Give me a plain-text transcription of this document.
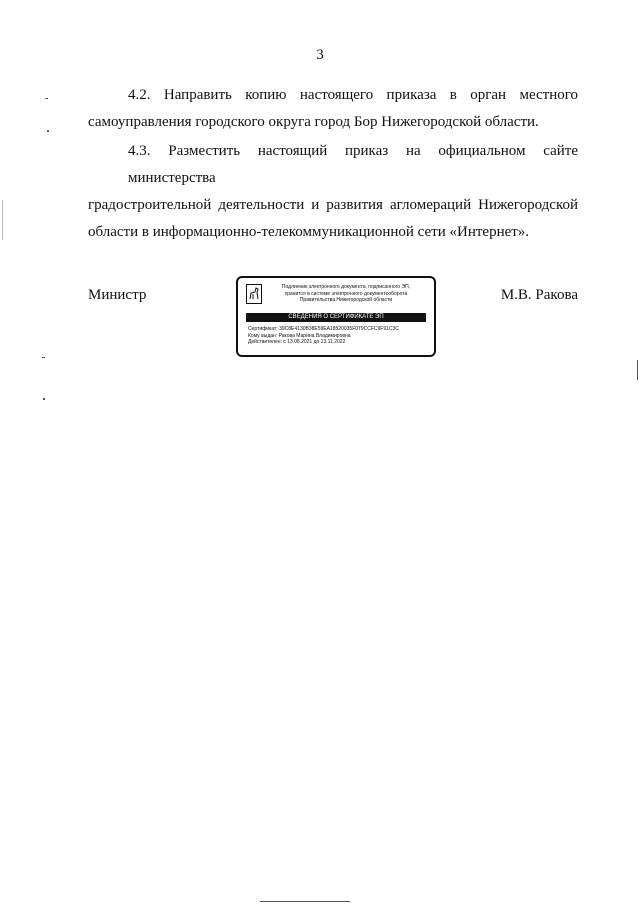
3
4.2. Направить копию настоящего приказа в орган местного
самоуправления городского округа город Бор Нижегородской области.
4.3. Разместить настоящий приказ на официальном сайте министерства
градостроительной деятельности и развития агломераций Нижегородской
области в информационно-телекоммуникационной сети «Интернет».
Министр	М.В. Ракова
Подлинник электронного документа, подписанного ЭП,
хранится в системе электронного документооборота
Правительства Нижегородской области
СВЕДЕНИЯ О СЕРТИФИКАТЕ ЭП
Сертификат: 39C8E4130B38E59EA18520035F079CCFC9F91C3C
Кому выдан: Ракова Марина Владимировна
Действителен: с 13.08.2021 до 13.11.2022
